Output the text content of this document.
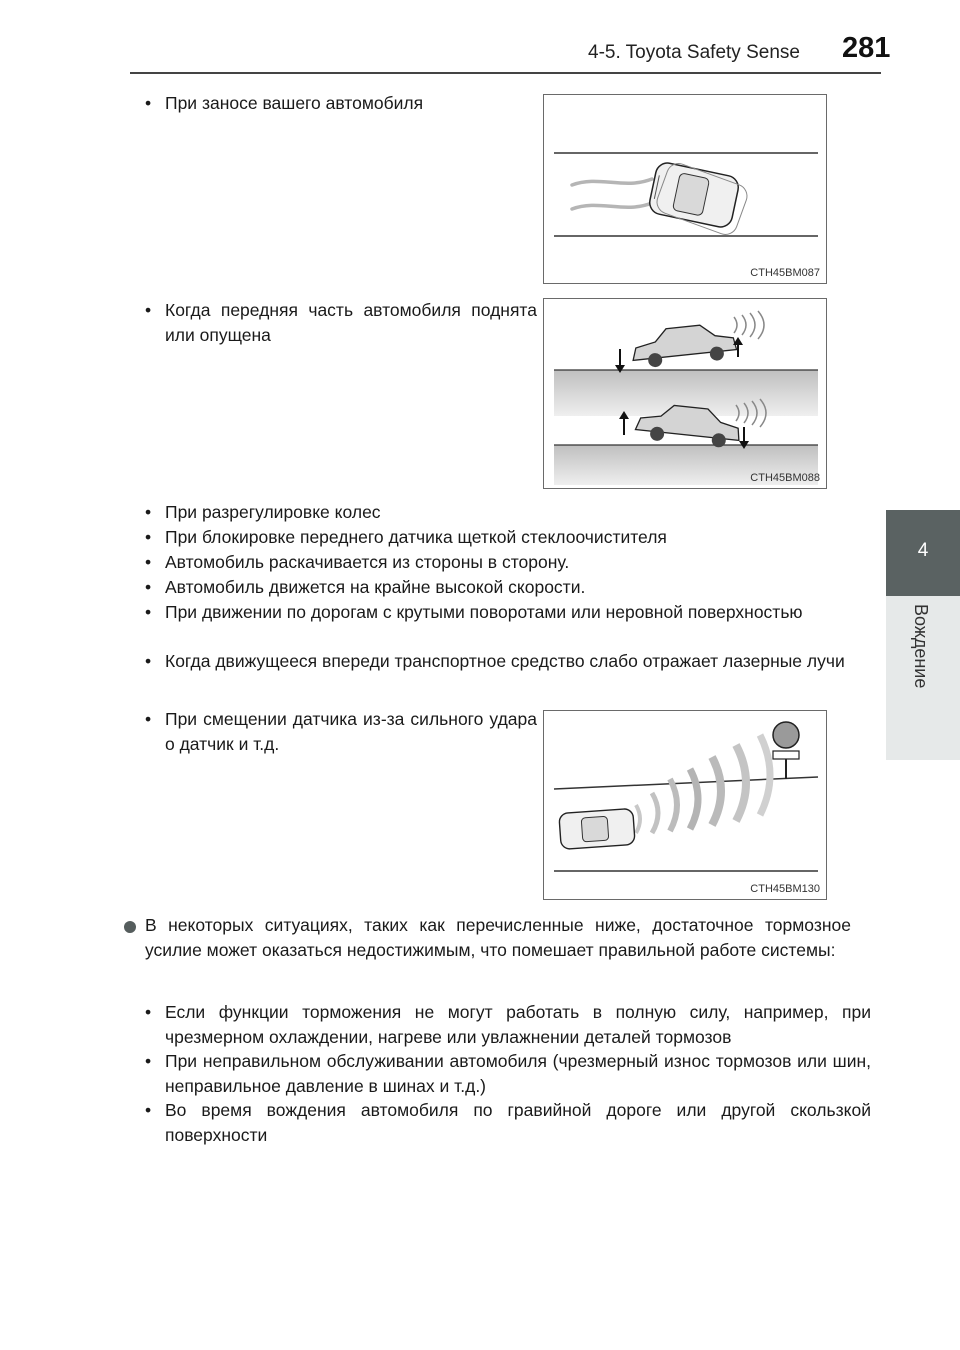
4-5. Toyota Safety Sense 281
4
Вождение
• При заносе вашего автомобиля
CTH45BM087
• Когда передняя часть автомобиля поднята или опущена
CTH45BM088
• При разрегулировке колес
• При блокировке переднего датчика щеткой стеклоочистителя
• Автомобиль раскачивается из стороны в сторону.
• Автомобиль движется на крайне высокой скорости.
• При движении по дорогам с крутыми поворотами или неровной поверхностью
• Когда движущееся впереди транспортное средство слабо отражает лазерные лучи
• При смещении датчика из-за сильного удара о датчик и т.д.
CTH45BM130
В некоторых ситуациях, таких как перечисленные ниже, достаточное тормозное усилие может оказаться недостижимым, что помешает правильной работе системы:
• Если функции торможения не могут работать в полную силу, например, при чрезмерном охлаждении, нагреве или увлажнении деталей тормозов
• При неправильном обслуживании автомобиля (чрезмерный износ тормозов или шин, неправильное давление в шинах и т.д.)
• Во время вождения автомобиля по гравийной дороге или другой скользкой поверхности
